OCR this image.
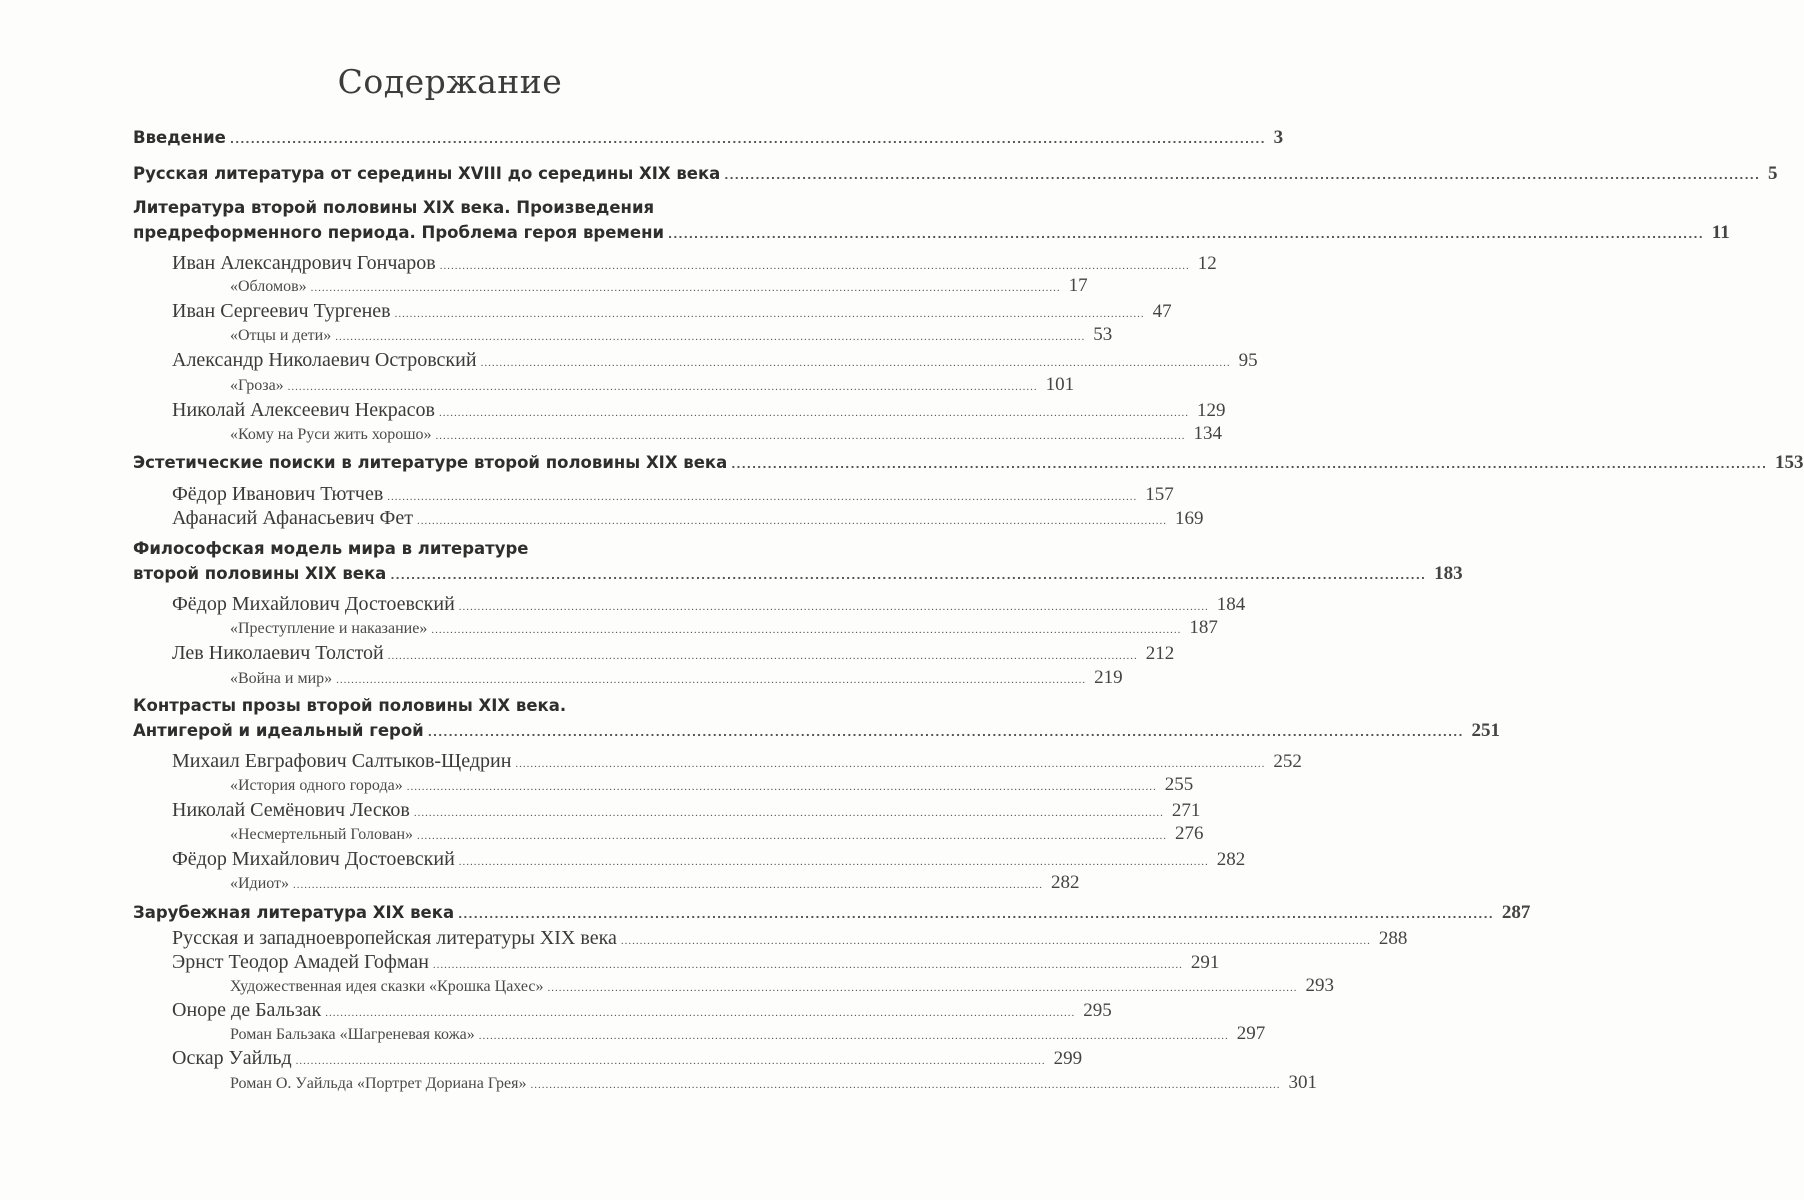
Содержание
Введение ........................................................................................................................................................................................................ 3
Русская литература от середины XVIII до середины XIX века ........................................................................................................................................................................................................ 5
Литература второй половины XIX века. Произведения
предреформенного периода. Проблема героя времени ........................................................................................................................................................................................................ 11
Иван Александрович Гончаров ........................................................................................................................................................................................................ 12
«Обломов» ........................................................................................................................................................................................................ 17
Иван Сергеевич Тургенев ........................................................................................................................................................................................................ 47
«Отцы и дети» ........................................................................................................................................................................................................ 53
Александр Николаевич Островский ........................................................................................................................................................................................................ 95
«Гроза» ........................................................................................................................................................................................................ 101
Николай Алексеевич Некрасов ........................................................................................................................................................................................................ 129
«Кому на Руси жить хорошо» ........................................................................................................................................................................................................ 134
Эстетические поиски в литературе второй половины XIX века ........................................................................................................................................................................................................ 153
Фёдор Иванович Тютчев ........................................................................................................................................................................................................ 157
Афанасий Афанасьевич Фет ........................................................................................................................................................................................................ 169
Философская модель мира в литературе
второй половины XIX века ........................................................................................................................................................................................................ 183
Фёдор Михайлович Достоевский ........................................................................................................................................................................................................ 184
«Преступление и наказание» ........................................................................................................................................................................................................ 187
Лев Николаевич Толстой ........................................................................................................................................................................................................ 212
«Война и мир» ........................................................................................................................................................................................................ 219
Контрасты прозы второй половины XIX века.
Антигерой и идеальный герой ........................................................................................................................................................................................................ 251
Михаил Евграфович Салтыков-Щедрин ........................................................................................................................................................................................................ 252
«История одного города» ........................................................................................................................................................................................................ 255
Николай Семёнович Лесков ........................................................................................................................................................................................................ 271
«Несмертельный Голован» ........................................................................................................................................................................................................ 276
Фёдор Михайлович Достоевский ........................................................................................................................................................................................................ 282
«Идиот» ........................................................................................................................................................................................................ 282
Зарубежная литература XIX века ........................................................................................................................................................................................................ 287
Русская и западноевропейская литературы XIX века ........................................................................................................................................................................................................ 288
Эрнст Теодор Амадей Гофман ........................................................................................................................................................................................................ 291
Художественная идея сказки «Крошка Цахес» ........................................................................................................................................................................................................ 293
Оноре де Бальзак ........................................................................................................................................................................................................ 295
Роман Бальзака «Шагреневая кожа» ........................................................................................................................................................................................................ 297
Оскар Уайльд ........................................................................................................................................................................................................ 299
Роман О. Уайльда «Портрет Дориана Грея» ........................................................................................................................................................................................................ 301
